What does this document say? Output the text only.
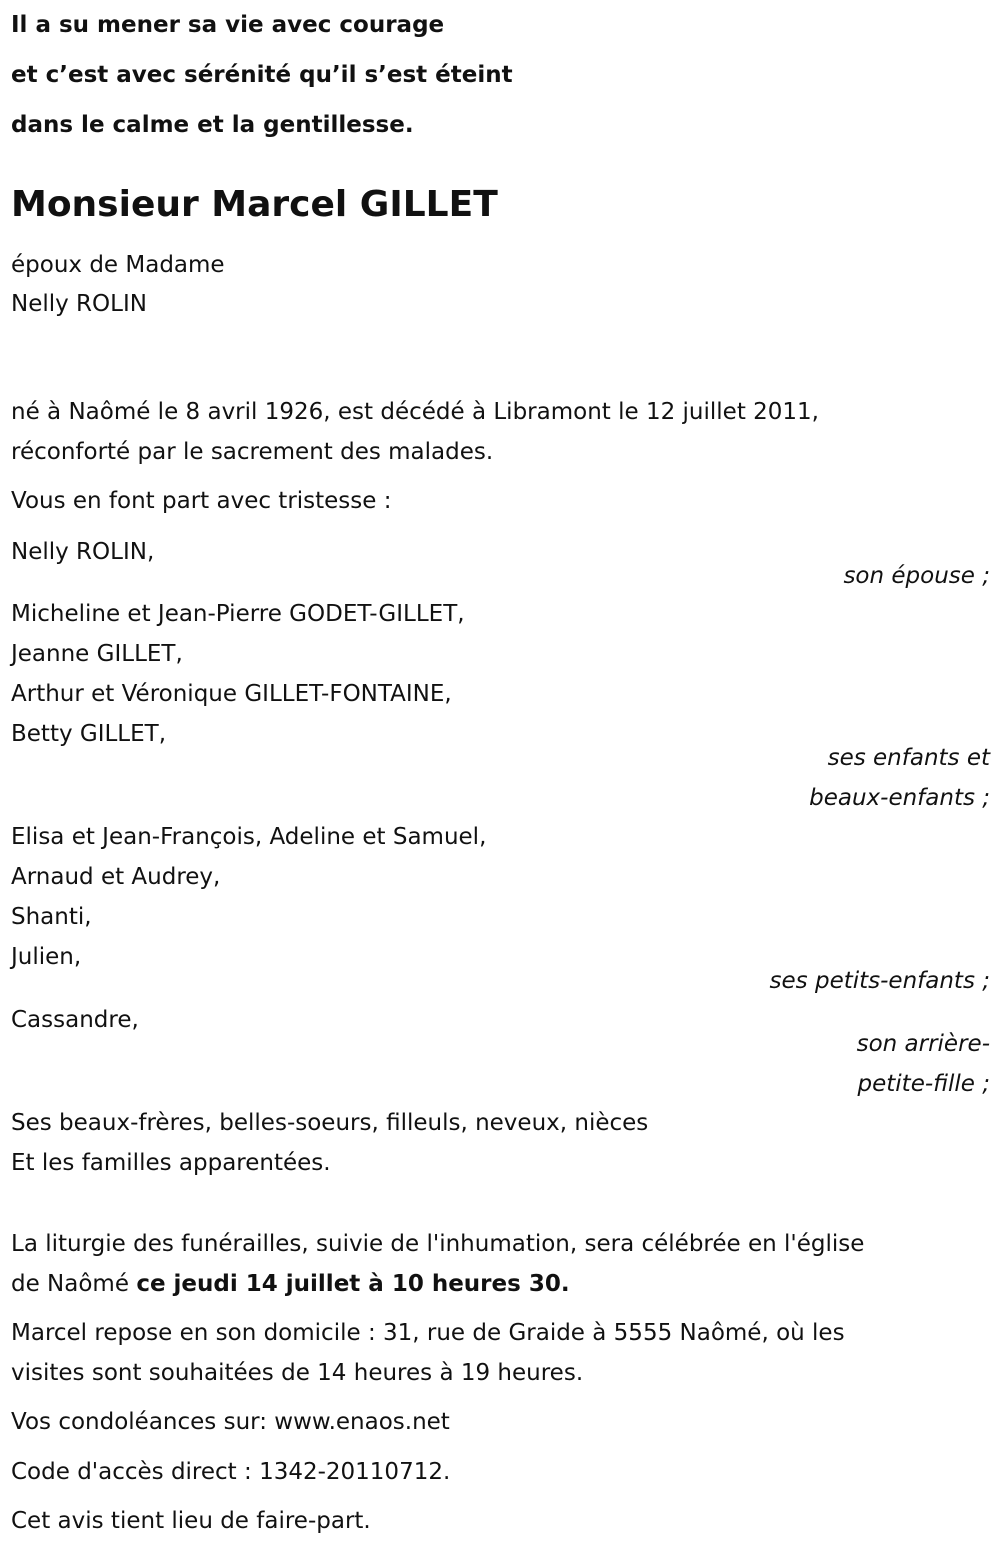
Il a su mener sa vie avec courage
et c’est avec sérénité qu’il s’est éteint
dans le calme et la gentillesse.
Monsieur Marcel GILLET
époux de Madame
Nelly ROLIN
né à Naômé le 8 avril 1926, est décédé à Libramont le 12 juillet 2011,
réconforté par le sacrement des malades.
Vous en font part avec tristesse :
Nelly ROLIN,
son épouse ;
Micheline et Jean-Pierre GODET-GILLET,
Jeanne GILLET,
Arthur et Véronique GILLET-FONTAINE,
Betty GILLET,
ses enfants et
beaux-enfants ;
Elisa et Jean-François, Adeline et Samuel,
Arnaud et Audrey,
Shanti,
Julien,
ses petits-enfants ;
Cassandre,
son arrière-
petite-fille ;
Ses beaux-frères, belles-soeurs, filleuls, neveux, nièces
Et les familles apparentées.
La liturgie des funérailles, suivie de l'inhumation, sera célébrée en l'église
de Naômé ce jeudi 14 juillet à 10 heures 30.
Marcel repose en son domicile : 31, rue de Graide à 5555 Naômé, où les
visites sont souhaitées de 14 heures à 19 heures.
Vos condoléances sur: www.enaos.net
Code d'accès direct : 1342-20110712.
Cet avis tient lieu de faire-part.
